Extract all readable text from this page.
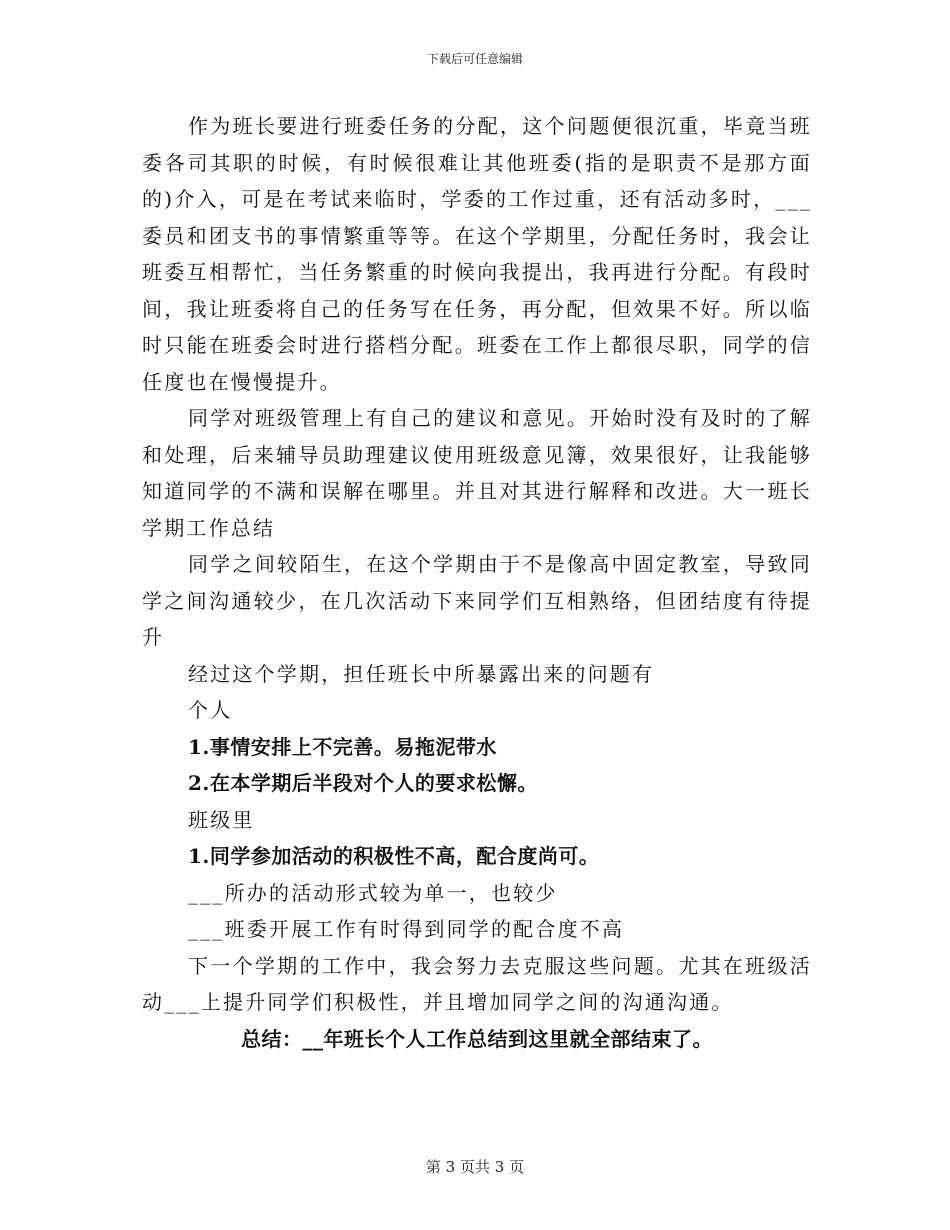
下载后可任意编辑

作为班长要进行班委任务的分配，这个问题便很沉重，毕竟当班委各司其职的时候，有时候很难让其他班委(指的是职责不是那方面的)介入，可是在考试来临时，学委的工作过重，还有活动多时，___委员和团支书的事情繁重等等。在这个学期里，分配任务时，我会让班委互相帮忙，当任务繁重的时候向我提出，我再进行分配。有段时间，我让班委将自己的任务写在任务，再分配，但效果不好。所以临时只能在班委会时进行搭档分配。班委在工作上都很尽职，同学的信任度也在慢慢提升。

同学对班级管理上有自己的建议和意见。开始时没有及时的了解和处理，后来辅导员助理建议使用班级意见簿，效果很好，让我能够知道同学的不满和误解在哪里。并且对其进行解释和改进。大一班长学期工作总结

同学之间较陌生，在这个学期由于不是像高中固定教室，导致同学之间沟通较少，在几次活动下来同学们互相熟络，但团结度有待提升

经过这个学期，担任班长中所暴露出来的问题有

个人

1.事情安排上不完善。易拖泥带水

2.在本学期后半段对个人的要求松懈。

班级里

1.同学参加活动的积极性不高，配合度尚可。

___所办的活动形式较为单一，也较少

___班委开展工作有时得到同学的配合度不高

下一个学期的工作中，我会努力去克服这些问题。尤其在班级活动___上提升同学们积极性，并且增加同学之间的沟通沟通。

总结：__年班长个人工作总结到这里就全部结束了。

第 3 页共 3 页
